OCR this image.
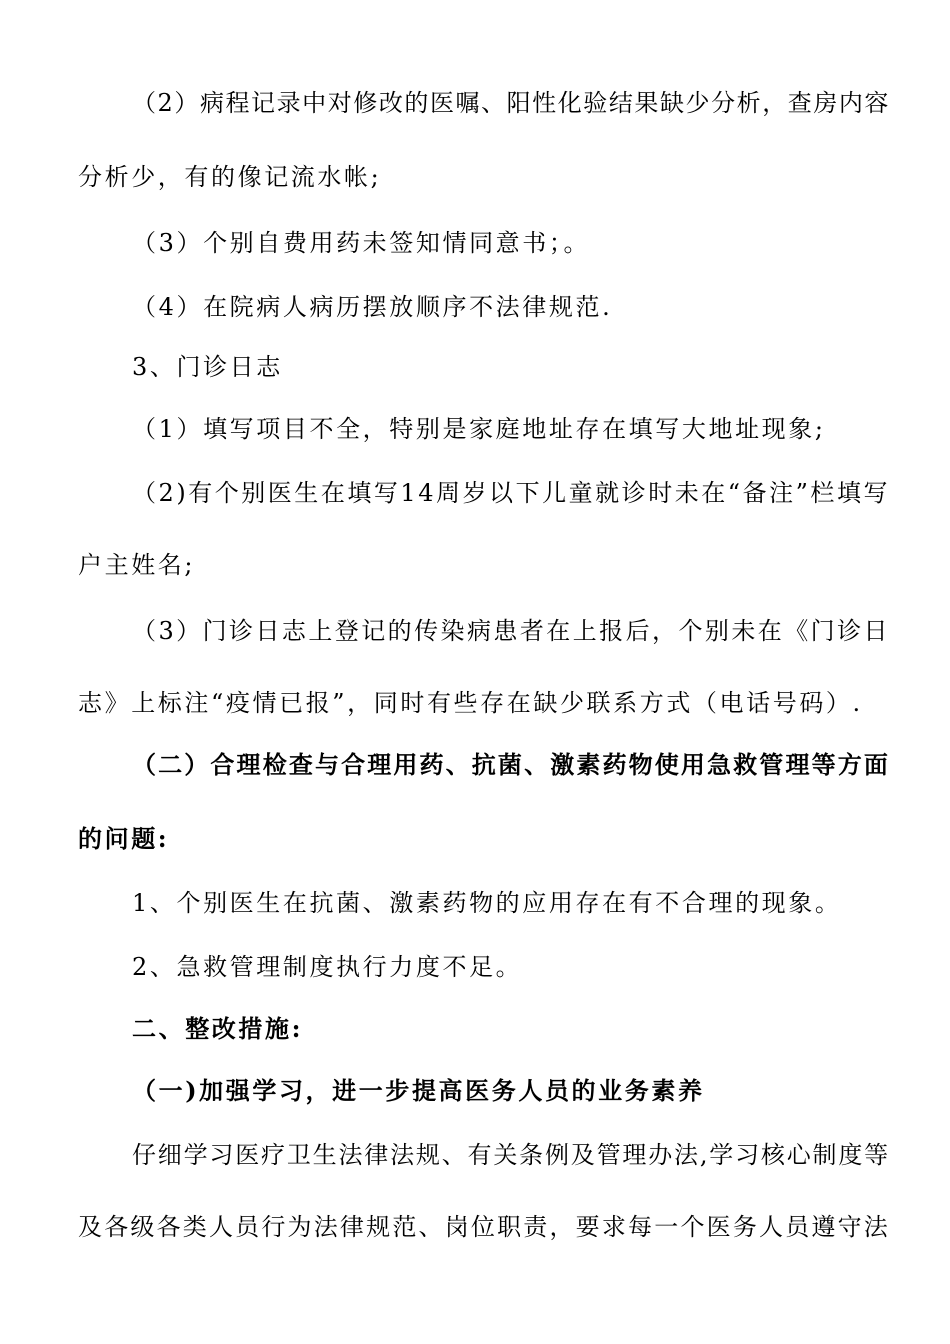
（2）病程记录中对修改的医嘱、阳性化验结果缺少分析，查房内容
分析少，有的像记流水帐;
（3）个别自费用药未签知情同意书；。
（4）在院病人病历摆放顺序不法律规范.
3、门诊日志
（1）填写项目不全，特别是家庭地址存在填写大地址现象;
（2)有个别医生在填写14周岁以下儿童就诊时未在“备注”栏填写
户主姓名;
（3）门诊日志上登记的传染病患者在上报后，个别未在《门诊日
志》上标注“疫情已报”，同时有些存在缺少联系方式（电话号码）.
（二）合理检查与合理用药、抗菌、激素药物使用急救管理等方面
的问题:
1、个别医生在抗菌、激素药物的应用存在有不合理的现象。
2、急救管理制度执行力度不足。
二、整改措施:
（一)加强学习，进一步提高医务人员的业务素养
仔细学习医疗卫生法律法规、有关条例及管理办法,学习核心制度等
及各级各类人员行为法律规范、岗位职责，要求每一个医务人员遵守法
